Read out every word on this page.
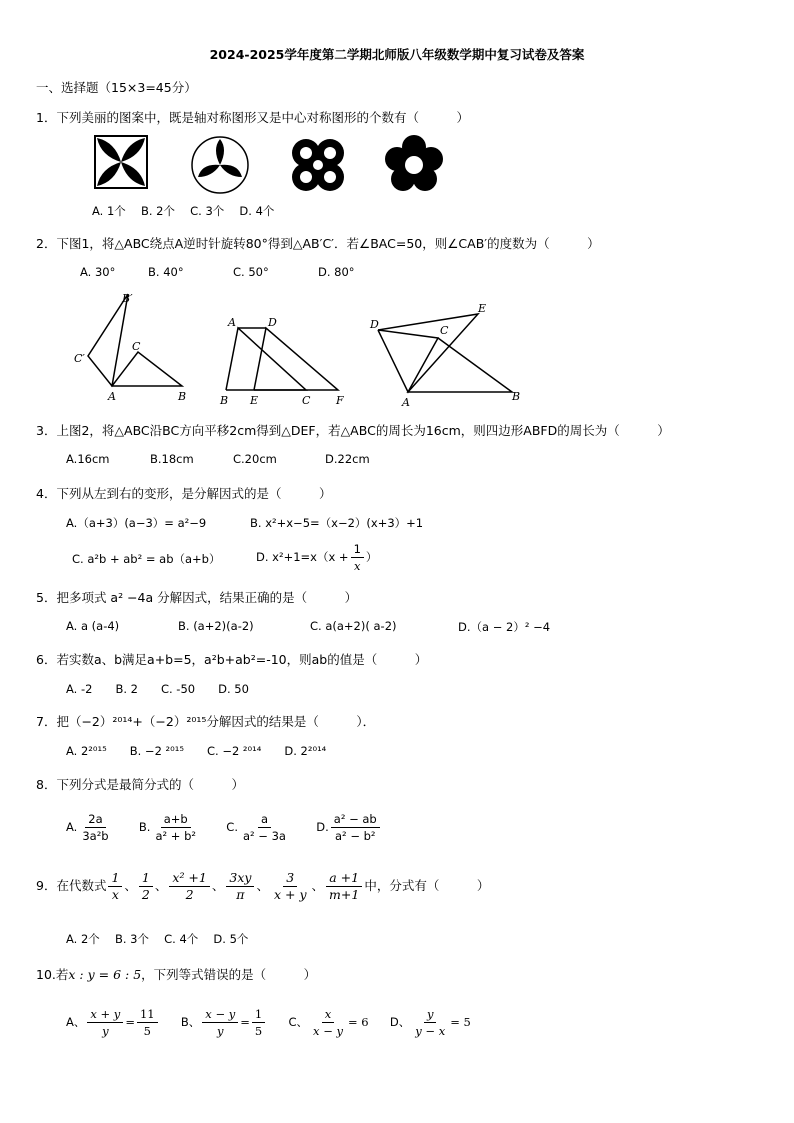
2024-2025学年度第二学期北师版八年级数学期中复习试卷及答案
一、选择题（15×3=45分）
1．下列美丽的图案中，既是轴对称图形又是中心对称图形的个数有（　　　）
A. 1个　 B. 2个　 C. 3个　 D. 4个
2．下图1，将△ABC绕点A逆时针旋转80°得到△AB′C′．若∠BAC=50，则∠CAB′的度数为（　　　）
A. 30°	B. 40°	C. 50°	D. 80°
B′
C′
C
A	B
A	D
B E	C F
D	C
E
A	B
3．上图2，将△ABC沿BC方向平移2cm得到△DEF，若△ABC的周长为16cm，则四边形ABFD的周长为（　　　）
A.16cm	B.18cm	C.20cm	D.22cm
4．下列从左到右的变形，是分解因式的是（　　　）
A.（a+3）(a−3）= a²−9	B. x²+x−5=（x−2）(x+3）+1
C. a²b + ab² = ab（a+b）	D. $x^2+1=x(x + \frac{1}{x}$ ）
5．把多项式 a² −4a 分解因式，结果正确的是（　　　）
A. a (a-4)	B. (a+2)(a-2)	C. a(a+2)( a-2)	D.（a − 2）² −4
6．若实数a、b满足a+b=5，a²b+ab²=-10，则ab的值是（　　　）
A. -2　　B. 2　　C. -50　　D. 50
7．把（−2）²⁰¹⁴+（−2）²⁰¹⁵分解因式的结果是（　　　）．
A. 2²⁰¹⁵　　B. −2 ²⁰¹⁵　　C. −2 ²⁰¹⁴　　D. 2²⁰¹⁴
8．下列分式是最简分式的（　　　）
A. $\frac{2a}{\text{3a²b}} B$. $\frac{a+b}{\text{a² + b²}} C$. $\frac{a}{\text{a² − 3a}} D$. $\frac{\text{a² − ab}}{\text{a² − b²}}$
9．在代数式 $\frac{1}{x}$ 、 $\frac{1}{2}$ 、 $\frac{\text{x² +1}}{2}$ 、 $\frac{3xy}{\pi}$ 、 $\frac{3}{x + y}$ 、 $\frac{a +1}{m+1}$ 中，分式有（　　　）
A. 2个　 B. 3个　 C. 4个　 D. 5个
10.若x : y = 6 : 5，下列等式错误的是（　　　）
A、 $\frac{x + y}{y} = \frac{11}{5}$ B、 $\frac{x - y}{y} = \frac{1}{5}$ C、 $\frac{x}{x - y} = 6$ D、 $\frac{y}{y - x} = 5$
